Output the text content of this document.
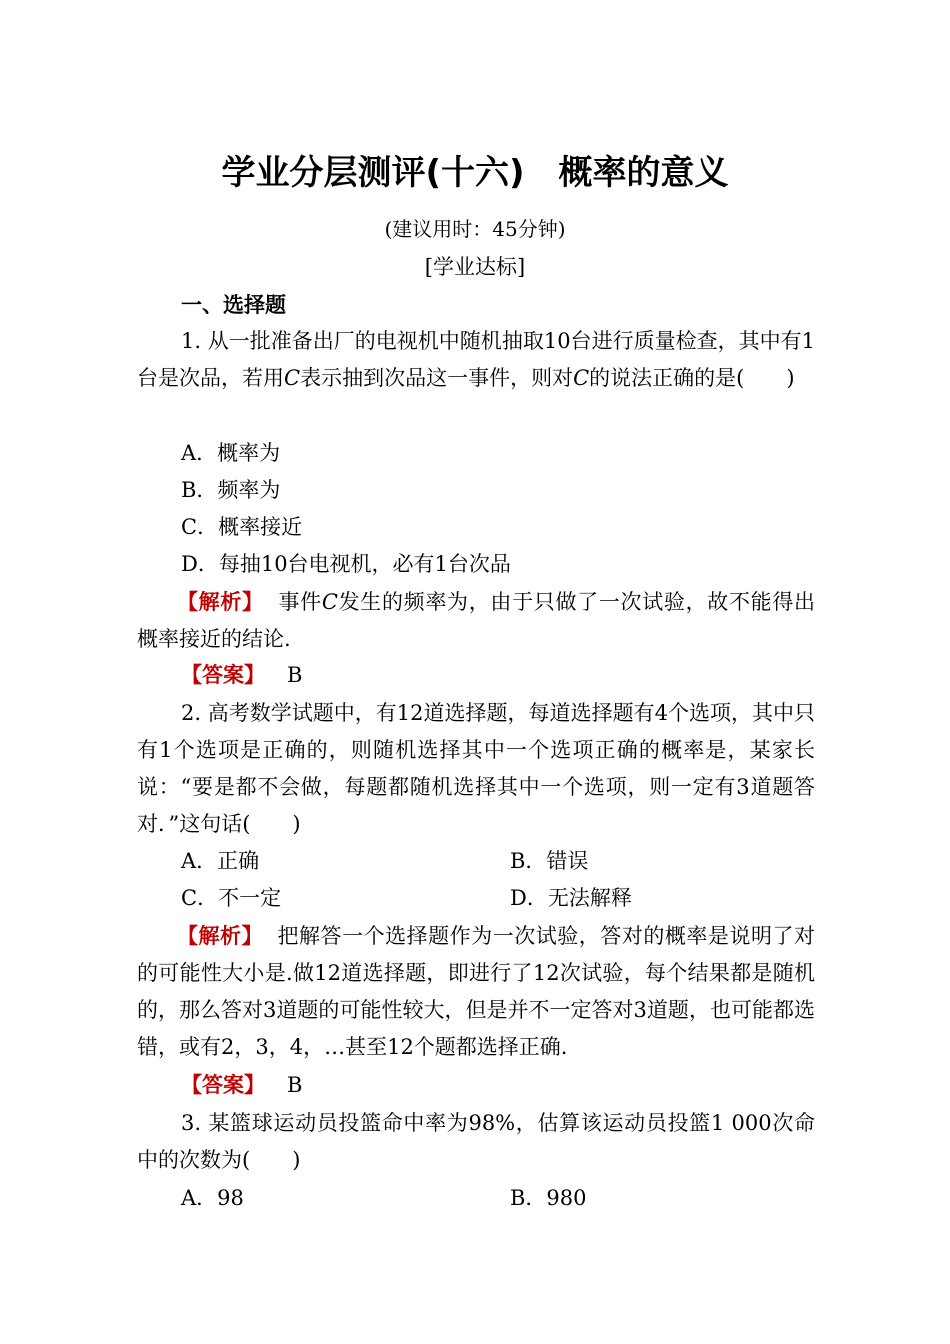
学业分层测评(十六)　概率的意义
(建议用时：45分钟)
[学业达标]
一、选择题
1. 从一批准备出厂的电视机中随机抽取10台进行质量检查，其中有1台是次品，若用C表示抽到次品这一事件，则对C的说法正确的是(　　)
A．概率为
B．频率为
C．概率接近
D．每抽10台电视机，必有1台次品
【解析】 事件C发生的频率为，由于只做了一次试验，故不能得出概率接近的结论.
【答案】 B
2. 高考数学试题中，有12道选择题，每道选择题有4个选项，其中只有1个选项是正确的，则随机选择其中一个选项正确的概率是，某家长说：“要是都不会做，每题都随机选择其中一个选项，则一定有3道题答对．”这句话(　　)
A．正确	B．错误
C．不一定	D．无法解释
【解析】 把解答一个选择题作为一次试验，答对的概率是说明了对的可能性大小是.做12道选择题，即进行了12次试验，每个结果都是随机的，那么答对3道题的可能性较大，但是并不一定答对3道题，也可能都选错，或有2，3，4，…甚至12个题都选择正确.
【答案】 B
3. 某篮球运动员投篮命中率为98%，估算该运动员投篮1 000次命中的次数为(　　)
A．98	B．980
